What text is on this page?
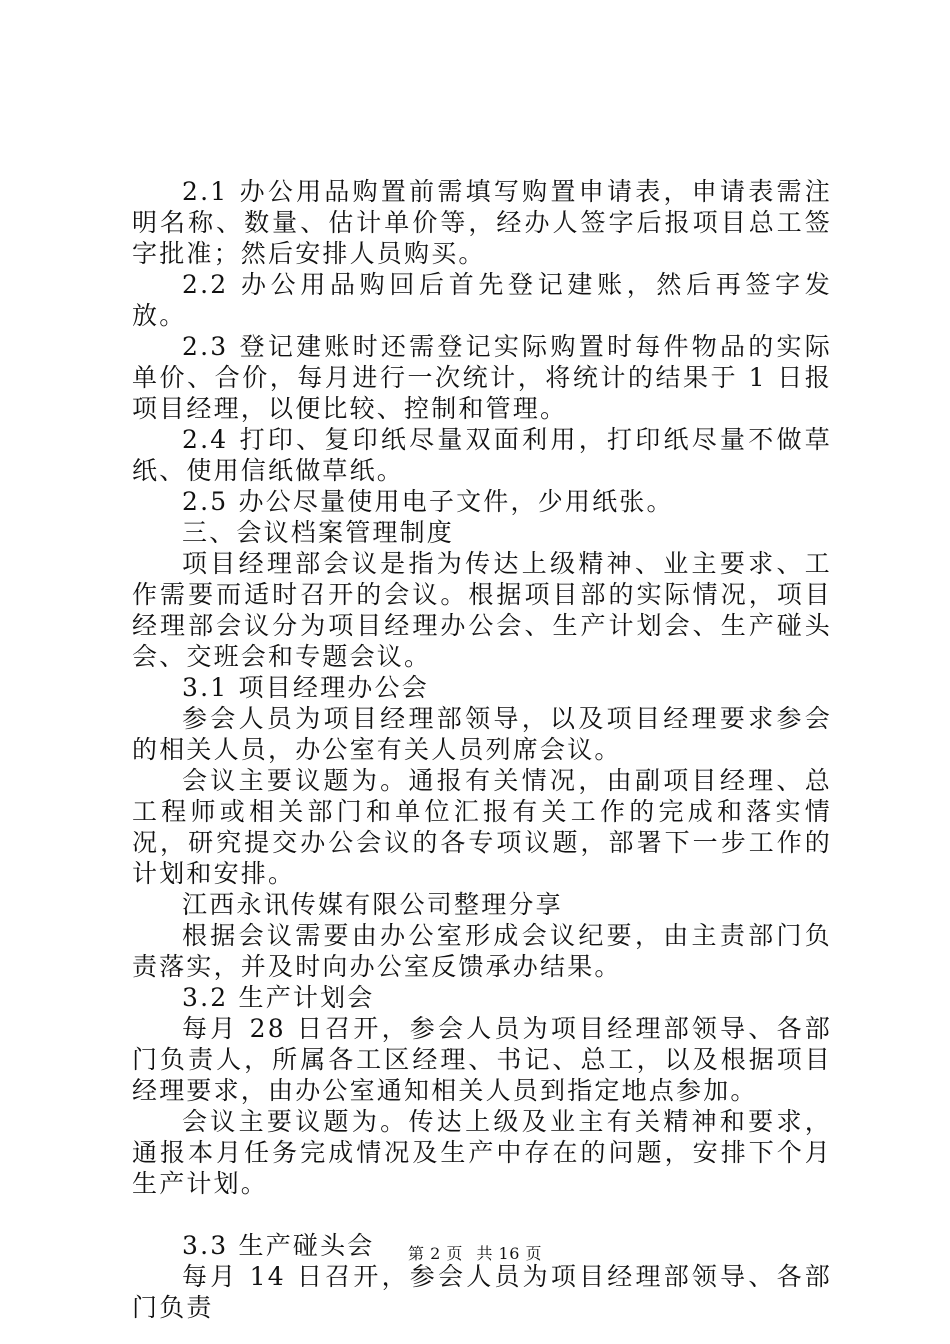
2.1 办公用品购置前需填写购置申请表，申请表需注明名称、数量、估计单价等，经办人签字后报项目总工签字批准；然后安排人员购买。

2.2 办公用品购回后首先登记建账，然后再签字发放。

2.3 登记建账时还需登记实际购置时每件物品的实际单价、合价，每月进行一次统计，将统计的结果于 1 日报项目经理，以便比较、控制和管理。

2.4 打印、复印纸尽量双面利用，打印纸尽量不做草纸、使用信纸做草纸。

2.5 办公尽量使用电子文件，少用纸张。

三、会议档案管理制度

项目经理部会议是指为传达上级精神、业主要求、工作需要而适时召开的会议。根据项目部的实际情况，项目经理部会议分为项目经理办公会、生产计划会、生产碰头会、交班会和专题会议。

3.1 项目经理办公会

参会人员为项目经理部领导，以及项目经理要求参会的相关人员，办公室有关人员列席会议。

会议主要议题为。通报有关情况，由副项目经理、总工程师或相关部门和单位汇报有关工作的完成和落实情况，研究提交办公会议的各专项议题，部署下一步工作的计划和安排。

江西永讯传媒有限公司整理分享

根据会议需要由办公室形成会议纪要，由主责部门负责落实，并及时向办公室反馈承办结果。

3.2 生产计划会

每月 28 日召开，参会人员为项目经理部领导、各部门负责人，所属各工区经理、书记、总工，以及根据项目经理要求，由办公室通知相关人员到指定地点参加。

会议主要议题为。传达上级及业主有关精神和要求，通报本月任务完成情况及生产中存在的问题，安排下个月生产计划。

3.3 生产碰头会

每月 14 日召开，参会人员为项目经理部领导、各部门负责

第 2 页 共 16 页
